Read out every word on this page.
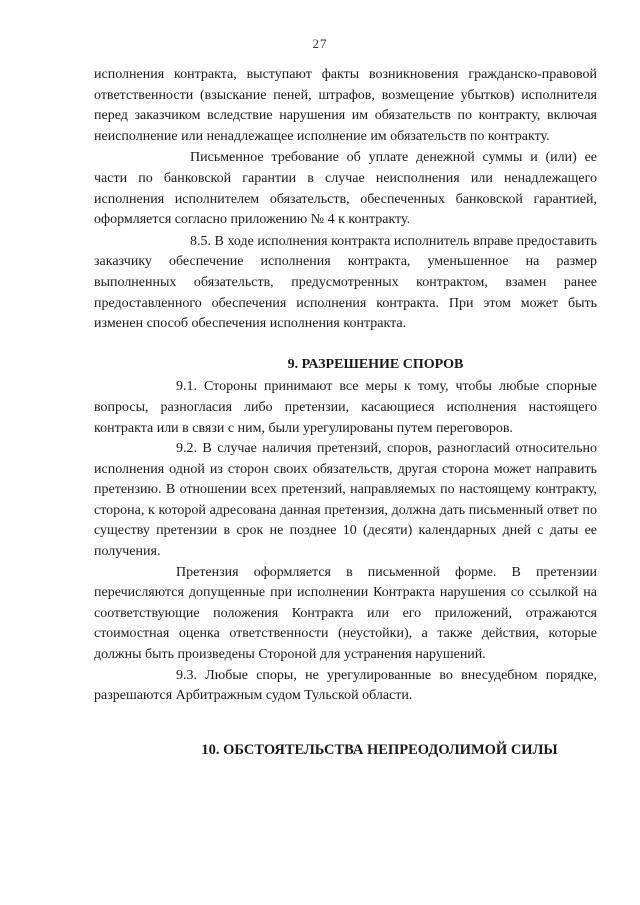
27

исполнения контракта, выступают факты возникновения гражданско-правовой ответственности (взыскание пеней, штрафов, возмещение убытков) исполнителя перед заказчиком вследствие нарушения им обязательств по контракту, включая неисполнение или ненадлежащее исполнение им обязательств по контракту.

Письменное требование об уплате денежной суммы и (или) ее части по банковской гарантии в случае неисполнения или ненадлежащего исполнения исполнителем обязательств, обеспеченных банковской гарантией, оформляется согласно приложению № 4 к контракту.

8.5. В ходе исполнения контракта исполнитель вправе предоставить заказчику обеспечение исполнения контракта, уменьшенное на размер выполненных обязательств, предусмотренных контрактом, взамен ранее предоставленного обеспечения исполнения контракта. При этом может быть изменен способ обеспечения исполнения контракта.

9. РАЗРЕШЕНИЕ СПОРОВ

9.1. Стороны принимают все меры к тому, чтобы любые спорные вопросы, разногласия либо претензии, касающиеся исполнения настоящего контракта или в связи с ним, были урегулированы путем переговоров.

9.2. В случае наличия претензий, споров, разногласий относительно исполнения одной из сторон своих обязательств, другая сторона может направить претензию. В отношении всех претензий, направляемых по настоящему контракту, сторона, к которой адресована данная претензия, должна дать письменный ответ по существу претензии в срок не позднее 10 (десяти) календарных дней с даты ее получения.

Претензия оформляется в письменной форме. В претензии перечисляются допущенные при исполнении Контракта нарушения со ссылкой на соответствующие положения Контракта или его приложений, отражаются стоимостная оценка ответственности (неустойки), а также действия, которые должны быть произведены Стороной для устранения нарушений.

9.3. Любые споры, не урегулированные во внесудебном порядке, разрешаются Арбитражным судом Тульской области.

10. ОБСТОЯТЕЛЬСТВА НЕПРЕОДОЛИМОЙ СИЛЫ
